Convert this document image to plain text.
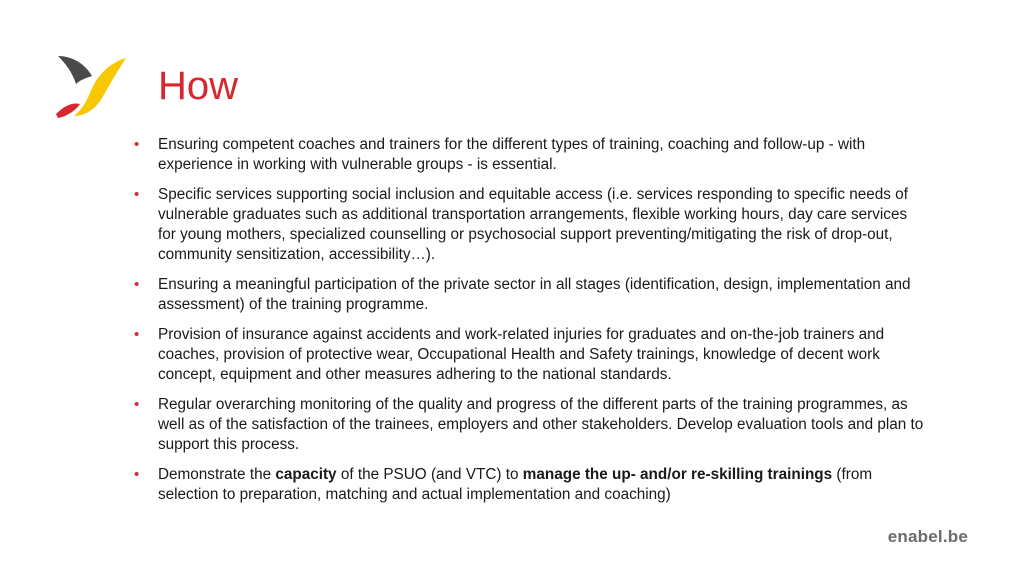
How
• Ensuring competent coaches and trainers for the different types of training, coaching and follow-up - with experience in working with vulnerable groups - is essential.
• Specific services supporting social inclusion and equitable access (i.e. services responding to specific needs of vulnerable graduates such as additional transportation arrangements, flexible working hours, day care services for young mothers, specialized counselling or psychosocial support preventing/mitigating the risk of drop-out, community sensitization, accessibility…).
• Ensuring a meaningful participation of the private sector in all stages (identification, design, implementation and assessment) of the training programme.
• Provision of insurance against accidents and work-related injuries for graduates and on-the-job trainers and coaches, provision of protective wear, Occupational Health and Safety trainings, knowledge of decent work concept, equipment and other measures adhering to the national standards.
• Regular overarching monitoring of the quality and progress of the different parts of the training programmes, as well as of the satisfaction of the trainees, employers and other stakeholders. Develop evaluation tools and plan to support this process.
• Demonstrate the capacity of the PSUO (and VTC) to manage the up- and/or re-skilling trainings (from selection to preparation, matching and actual implementation and coaching)
enabel.be
